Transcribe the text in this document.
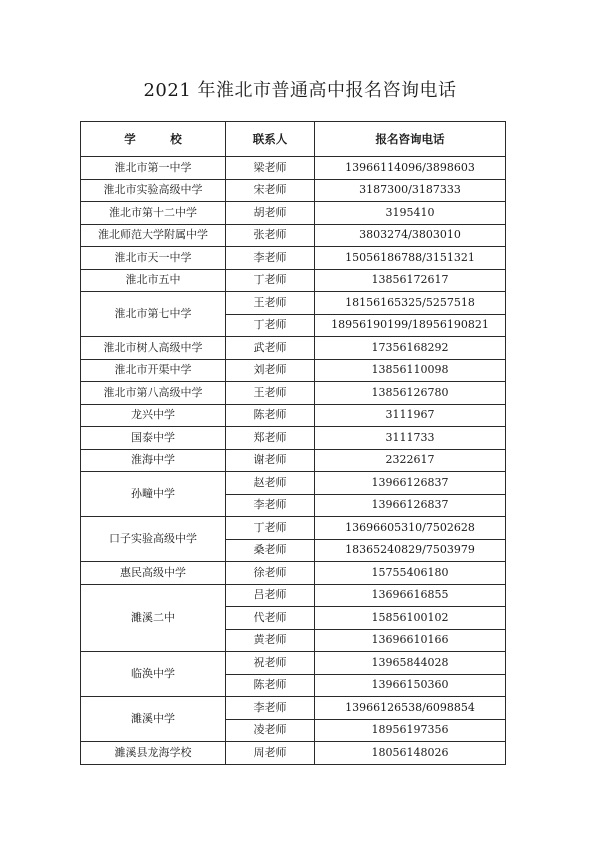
2021 年淮北市普通高中报名咨询电话
学　　　校	联系人	报名咨询电话
淮北市第一中学	梁老师	13966114096/3898603
淮北市实验高级中学	宋老师	3187300/3187333
淮北市第十二中学	胡老师	3195410
淮北师范大学附属中学	张老师	3803274/3803010
淮北市天一中学	李老师	15056186788/3151321
淮北市五中	丁老师	13856172617
淮北市第七中学	王老师	18156165325/5257518
	丁老师	18956190199/18956190821
淮北市树人高级中学	武老师	17356168292
淮北市开渠中学	刘老师	13856110098
淮北市第八高级中学	王老师	13856126780
龙兴中学	陈老师	3111967
国泰中学	郑老师	3111733
淮海中学	谢老师	2322617
孙疃中学	赵老师	13966126837
	李老师	13966126837
口子实验高级中学	丁老师	13696605310/7502628
	桑老师	18365240829/7503979
惠民高级中学	徐老师	15755406180
濉溪二中	吕老师	13696616855
	代老师	15856100102
	黄老师	13696610166
临涣中学	祝老师	13965844028
	陈老师	13966150360
濉溪中学	李老师	13966126538/6098854
	凌老师	18956197356
濉溪县龙海学校	周老师	18056148026
